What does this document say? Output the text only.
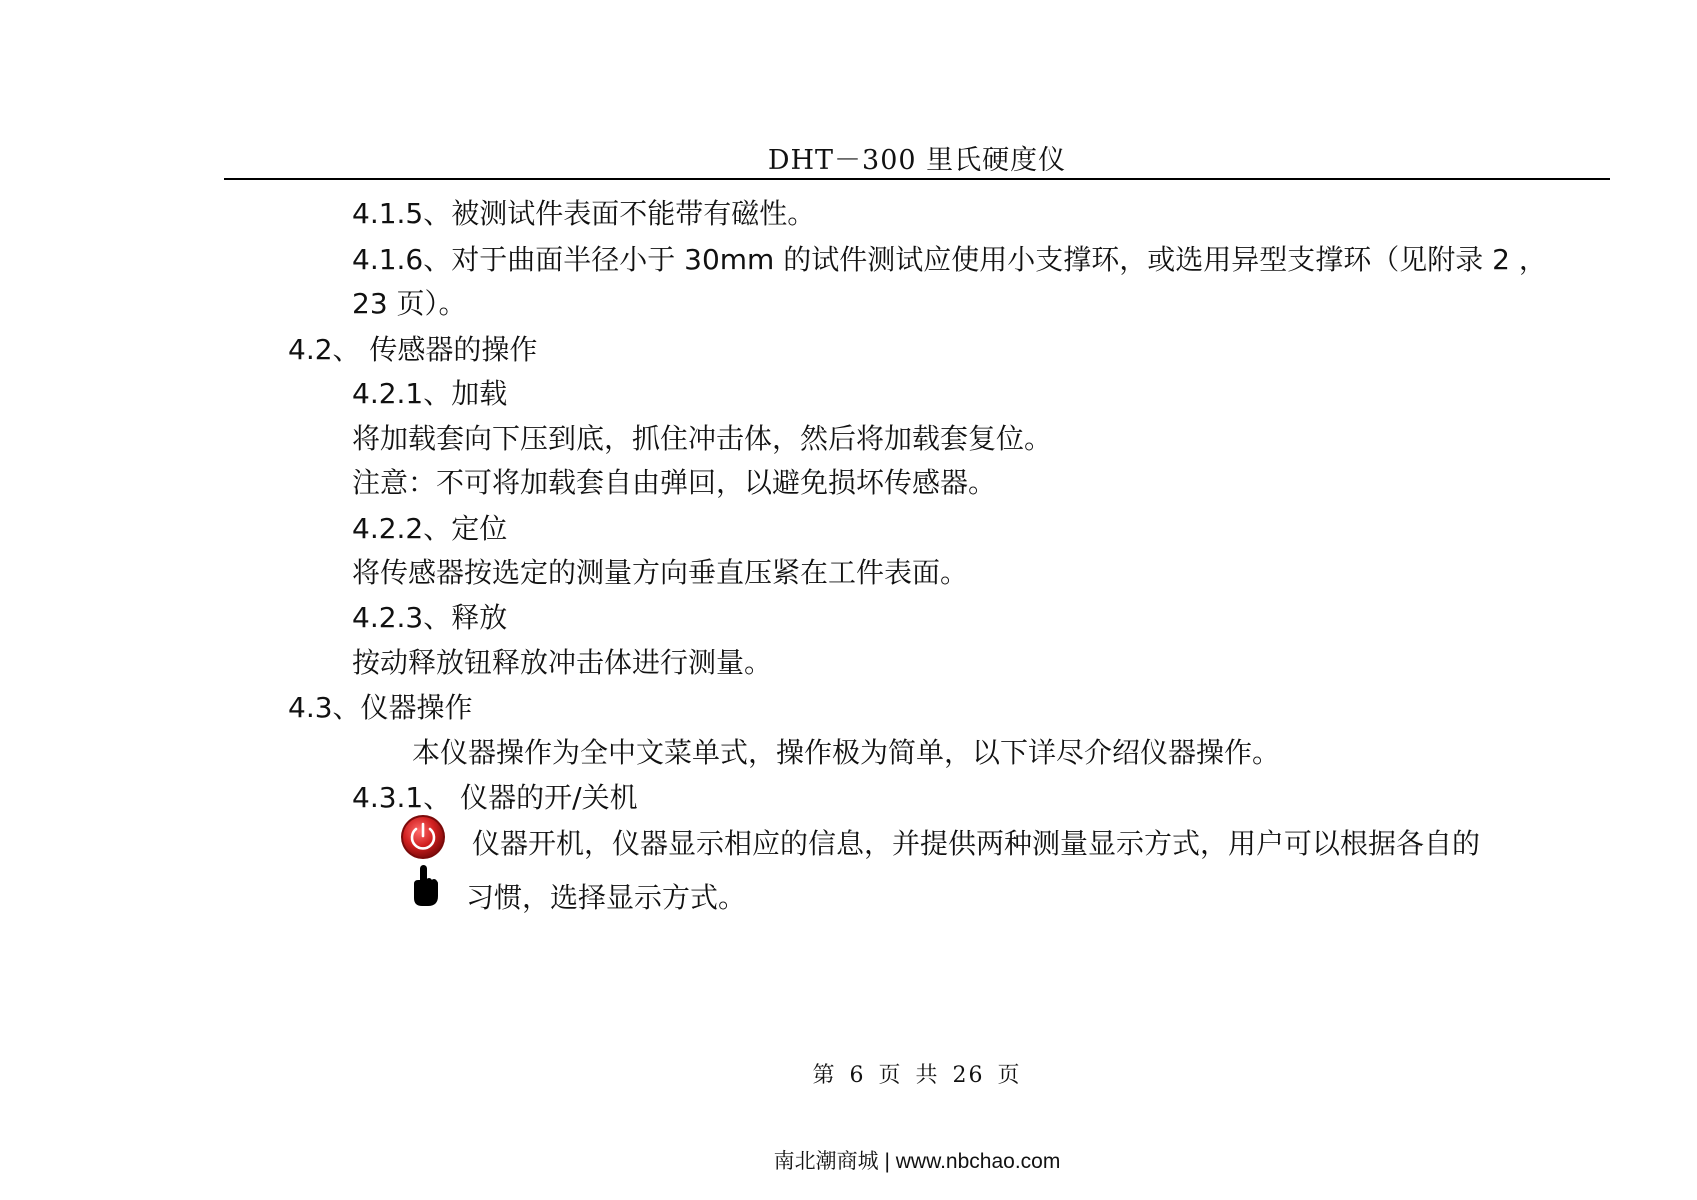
DHT－300 里氏硬度仪
4.1.5、被测试件表面不能带有磁性。
4.1.6、对于曲面半径小于 30mm 的试件测试应使用小支撑环，或选用异型支撑环（见附录 2 ，
23 页）。
4.2、 传感器的操作
4.2.1、加载
将加载套向下压到底，抓住冲击体，然后将加载套复位。
注意：不可将加载套自由弹回，以避免损坏传感器。
4.2.2、定位
将传感器按选定的测量方向垂直压紧在工件表面。
4.2.3、释放
按动释放钮释放冲击体进行测量。
4.3、仪器操作
本仪器操作为全中文菜单式，操作极为简单，以下详尽介绍仪器操作。
4.3.1、 仪器的开/关机
仪器开机，仪器显示相应的信息，并提供两种测量显示方式，用户可以根据各自的
习惯，选择显示方式。
第 6 页 共 26 页
南北潮商城 | www.nbchao.com
